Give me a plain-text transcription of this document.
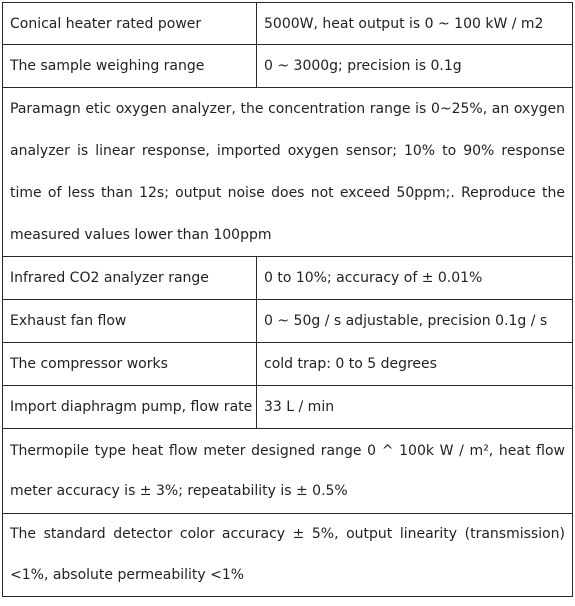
Conical heater rated power	5000W, heat output is 0 ~ 100 kW / m2
The sample weighing range	0 ~ 3000g; precision is 0.1g
Paramagn etic oxygen analyzer, the concentration range is 0~25%, an oxygen analyzer is linear response, imported oxygen sensor; 10% to 90% response time of less than 12s; output noise does not exceed 50ppm;. Reproduce the measured values lower than 100ppm	
Infrared CO2 analyzer range	0 to 10%; accuracy of ± 0.01%
Exhaust fan flow	0 ~ 50g / s adjustable, precision 0.1g / s
The compressor works	cold trap: 0 to 5 degrees
Import diaphragm pump, flow rate	33 L / min
Thermopile type heat flow meter designed range 0 ^ 100k W / m², heat flow meter accuracy is ± 3%; repeatability is ± 0.5%	
The standard detector color accuracy ± 5%, output linearity (transmission) <1%, absolute permeability <1%	
